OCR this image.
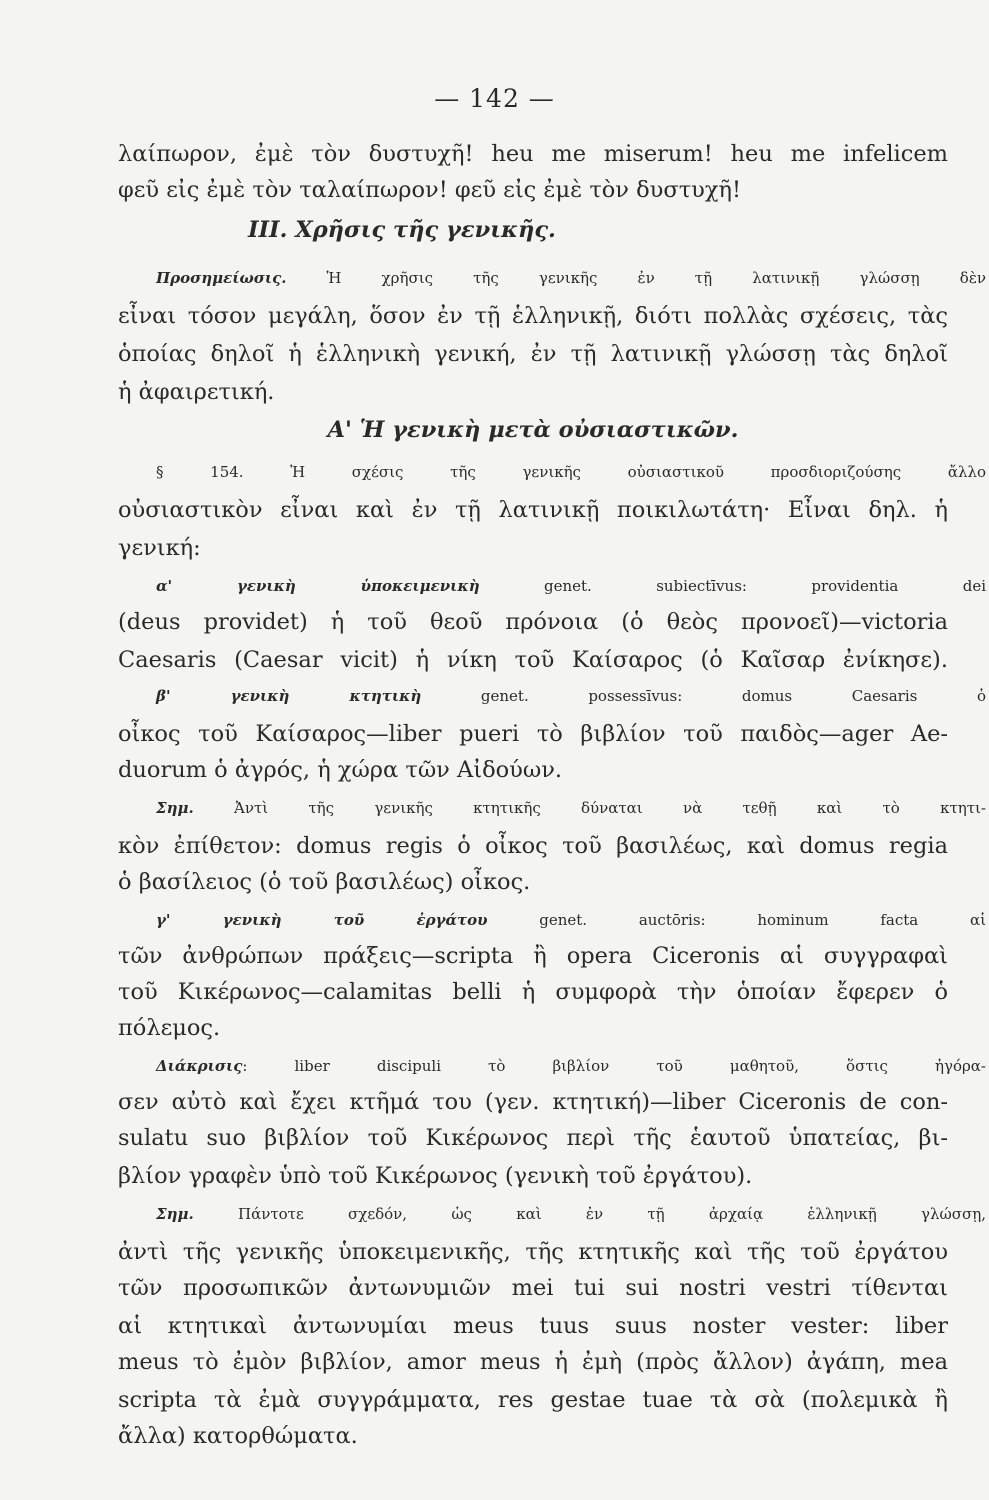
— 142 —
λαίπωρον, ἐμὲ τὸν δυστυχῆ! heu me miserum! heu me infelicem
φεῦ εἰς ἐμὲ τὸν ταλαίπωρον! φεῦ εἰς ἐμὲ τὸν δυστυχῆ!
III. Χρῆσις τῆς γενικῆς.
Προσημείωσις. Ἡ χρῆσις τῆς γενικῆς ἐν τῇ λατινικῇ γλώσσῃ δὲν
εἶναι τόσον μεγάλη, ὅσον ἐν τῇ ἑλληνικῇ, διότι πολλὰς σχέσεις, τὰς
ὁποίας δηλοῖ ἡ ἑλληνικὴ γενική, ἐν τῇ λατινικῇ γλώσσῃ τὰς δηλοῖ
ἡ ἀφαιρετική.
Α' Ἡ γενικὴ μετὰ οὐσιαστικῶν.
§ 154. Ἡ σχέσις τῆς γενικῆς οὐσιαστικοῦ προσδιοριζούσης ἄλλο
οὐσιαστικὸν εἶναι καὶ ἐν τῇ λατινικῇ ποικιλωτάτη· Εἶναι δηλ. ἡ
γενική:
α' γενικὴ ὑποκειμενικὴ genet. subiectīvus: providentia dei
(deus providet) ἡ τοῦ θεοῦ πρόνοια (ὁ θεὸς προνοεῖ)—victoria
Caesaris (Caesar vicit) ἡ νίκη τοῦ Καίσαρος (ὁ Καῖσαρ ἐνίκησε).
β' γενικὴ κτητικὴ genet. possessīvus: domus Caesaris ὁ
οἶκος τοῦ Καίσαρος—liber pueri τὸ βιβλίον τοῦ παιδὸς—ager Ae-
duorum ὁ ἀγρός, ἡ χώρα τῶν Αἰδούων.
Σημ. Ἀντὶ τῆς γενικῆς κτητικῆς δύναται νὰ τεθῇ καὶ τὸ κτητι-
κὸν ἐπίθετον: domus regis ὁ οἶκος τοῦ βασιλέως, καὶ domus regia
ὁ βασίλειος (ὁ τοῦ βασιλέως) οἶκος.
γ' γενικὴ τοῦ ἐργάτου genet. auctōris: hominum facta αἱ
τῶν ἀνθρώπων πράξεις—scripta ἢ opera Ciceronis αἱ συγγραφαὶ
τοῦ Κικέρωνος—calamitas belli ἡ συμφορὰ τὴν ὁποίαν ἔφερεν ὁ
πόλεμος.
Διάκρισις: liber discipuli τὸ βιβλίον τοῦ μαθητοῦ, ὅστις ἠγόρα-
σεν αὐτὸ καὶ ἔχει κτῆμά του (γεν. κτητική)—liber Ciceronis de con-
sulatu suo βιβλίον τοῦ Κικέρωνος περὶ τῆς ἑαυτοῦ ὑπατείας, βι-
βλίον γραφὲν ὑπὸ τοῦ Κικέρωνος (γενικὴ τοῦ ἐργάτου).
Σημ. Πάντοτε σχεδόν, ὡς καὶ ἐν τῇ ἀρχαίᾳ ἑλληνικῇ γλώσσῃ,
ἀντὶ τῆς γενικῆς ὑποκειμενικῆς, τῆς κτητικῆς καὶ τῆς τοῦ ἐργάτου
τῶν προσωπικῶν ἀντωνυμιῶν mei tui sui nostri vestri τίθενται
αἱ κτητικαὶ ἀντωνυμίαι meus tuus suus noster vester: liber
meus τὸ ἐμὸν βιβλίον, amor meus ἡ ἐμὴ (πρὸς ἄλλον) ἀγάπη, mea
scripta τὰ ἐμὰ συγγράμματα, res gestae tuae τὰ σὰ (πολεμικὰ ἢ
ἄλλα) κατορθώματα.
